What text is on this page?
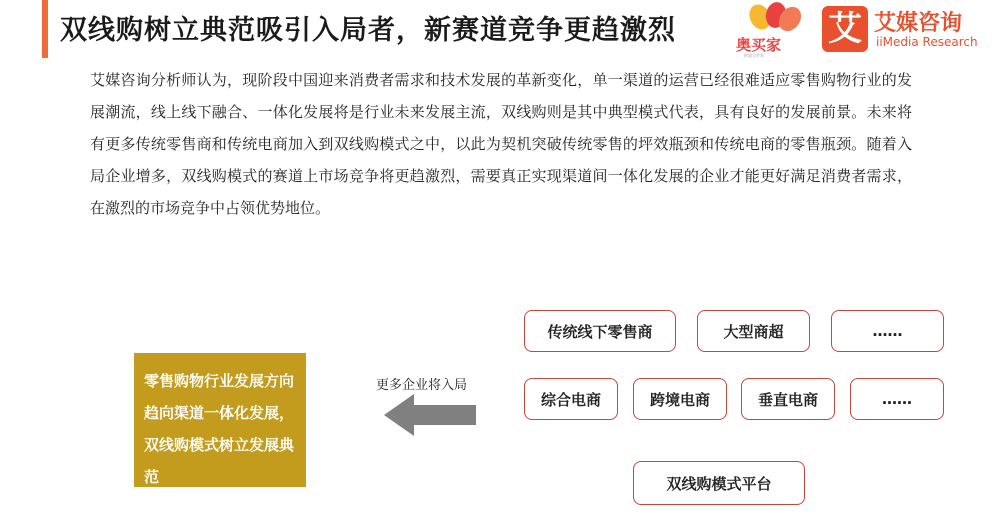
双线购树立典范吸引入局者，新赛道竞争更趋激烈	奥买家
跨境全世界
艾 艾媒咨询
iiMedia Research

艾媒咨询分析师认为，现阶段中国迎来消费者需求和技术发展的革新变化，单一渠道的运营已经很难适应零售购物行业的发展潮流，线上线下融合、一体化发展将是行业未来发展主流，双线购则是其中典型模式代表，具有良好的发展前景。未来将有更多传统零售商和传统电商加入到双线购模式之中，以此为契机突破传统零售的坪效瓶颈和传统电商的零售瓶颈。随着入局企业增多，双线购模式的赛道上市场竞争将更趋激烈，需要真正实现渠道间一体化发展的企业才能更好满足消费者需求，在激烈的市场竞争中占领优势地位。

零售购物行业发展方向趋向渠道一体化发展，双线购模式树立发展典范
更多企业将入局
传统线下零售商	大型商超	……
综合电商	跨境电商	垂直电商	……
双线购模式平台
